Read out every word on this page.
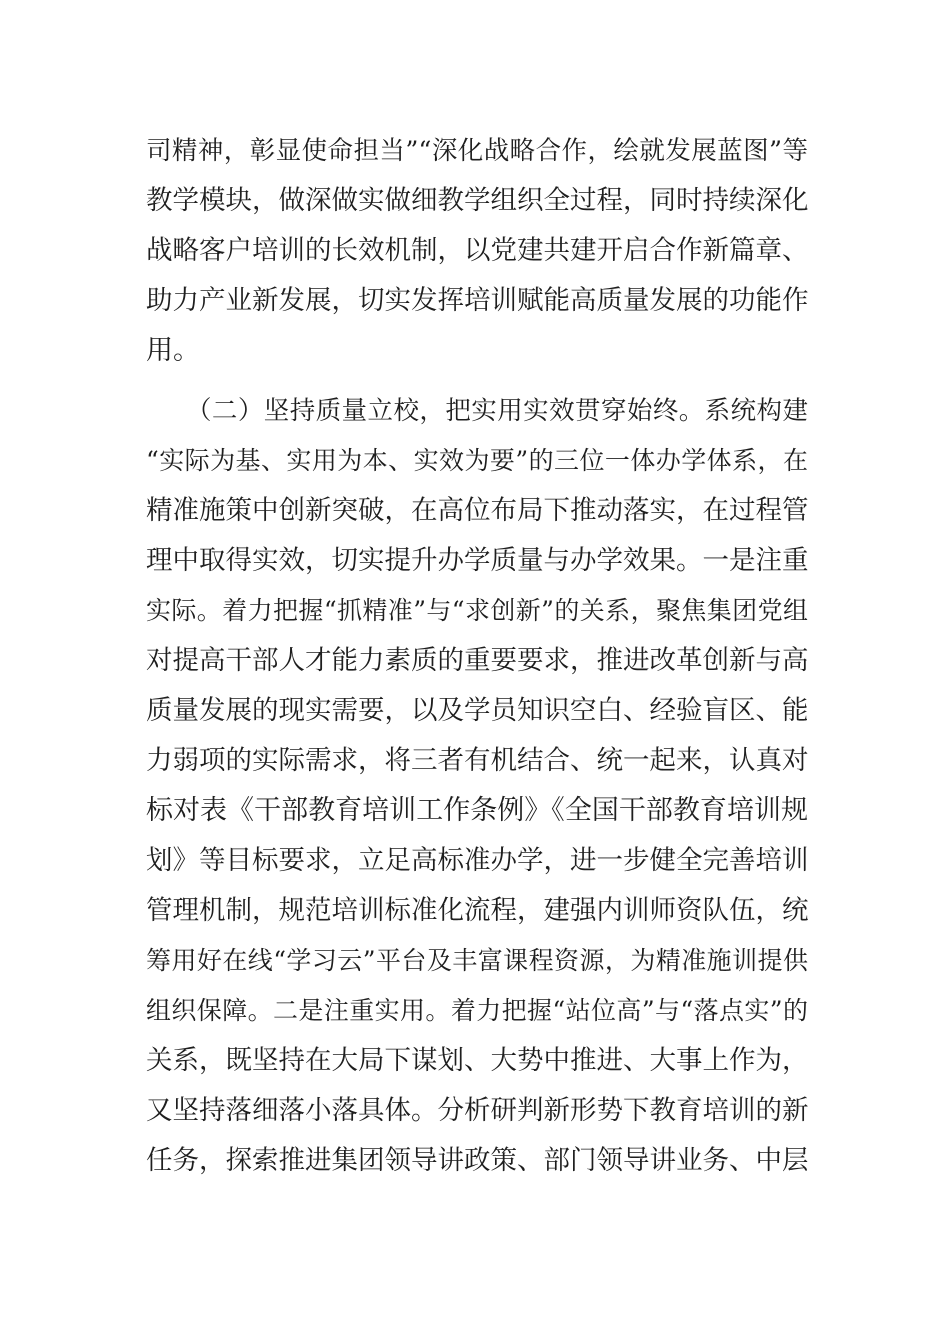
司精神，彰显使命担当”“深化战略合作，绘就发展蓝图”等
教学模块，做深做实做细教学组织全过程，同时持续深化
战略客户培训的长效机制，以党建共建开启合作新篇章、
助力产业新发展，切实发挥培训赋能高质量发展的功能作
用。
（二）坚持质量立校，把实用实效贯穿始终。系统构建
“实际为基、实用为本、实效为要”的三位一体办学体系，在
精准施策中创新突破，在高位布局下推动落实，在过程管
理中取得实效，切实提升办学质量与办学效果。一是注重
实际。着力把握“抓精准”与“求创新”的关系，聚焦集团党组
对提高干部人才能力素质的重要要求，推进改革创新与高
质量发展的现实需要，以及学员知识空白、经验盲区、能
力弱项的实际需求，将三者有机结合、统一起来，认真对
标对表《干部教育培训工作条例》《全国干部教育培训规
划》等目标要求，立足高标准办学，进一步健全完善培训
管理机制，规范培训标准化流程，建强内训师资队伍，统
筹用好在线“学习云”平台及丰富课程资源，为精准施训提供
组织保障。二是注重实用。着力把握“站位高”与“落点实”的
关系，既坚持在大局下谋划、大势中推进、大事上作为，
又坚持落细落小落具体。分析研判新形势下教育培训的新
任务，探索推进集团领导讲政策、部门领导讲业务、中层
